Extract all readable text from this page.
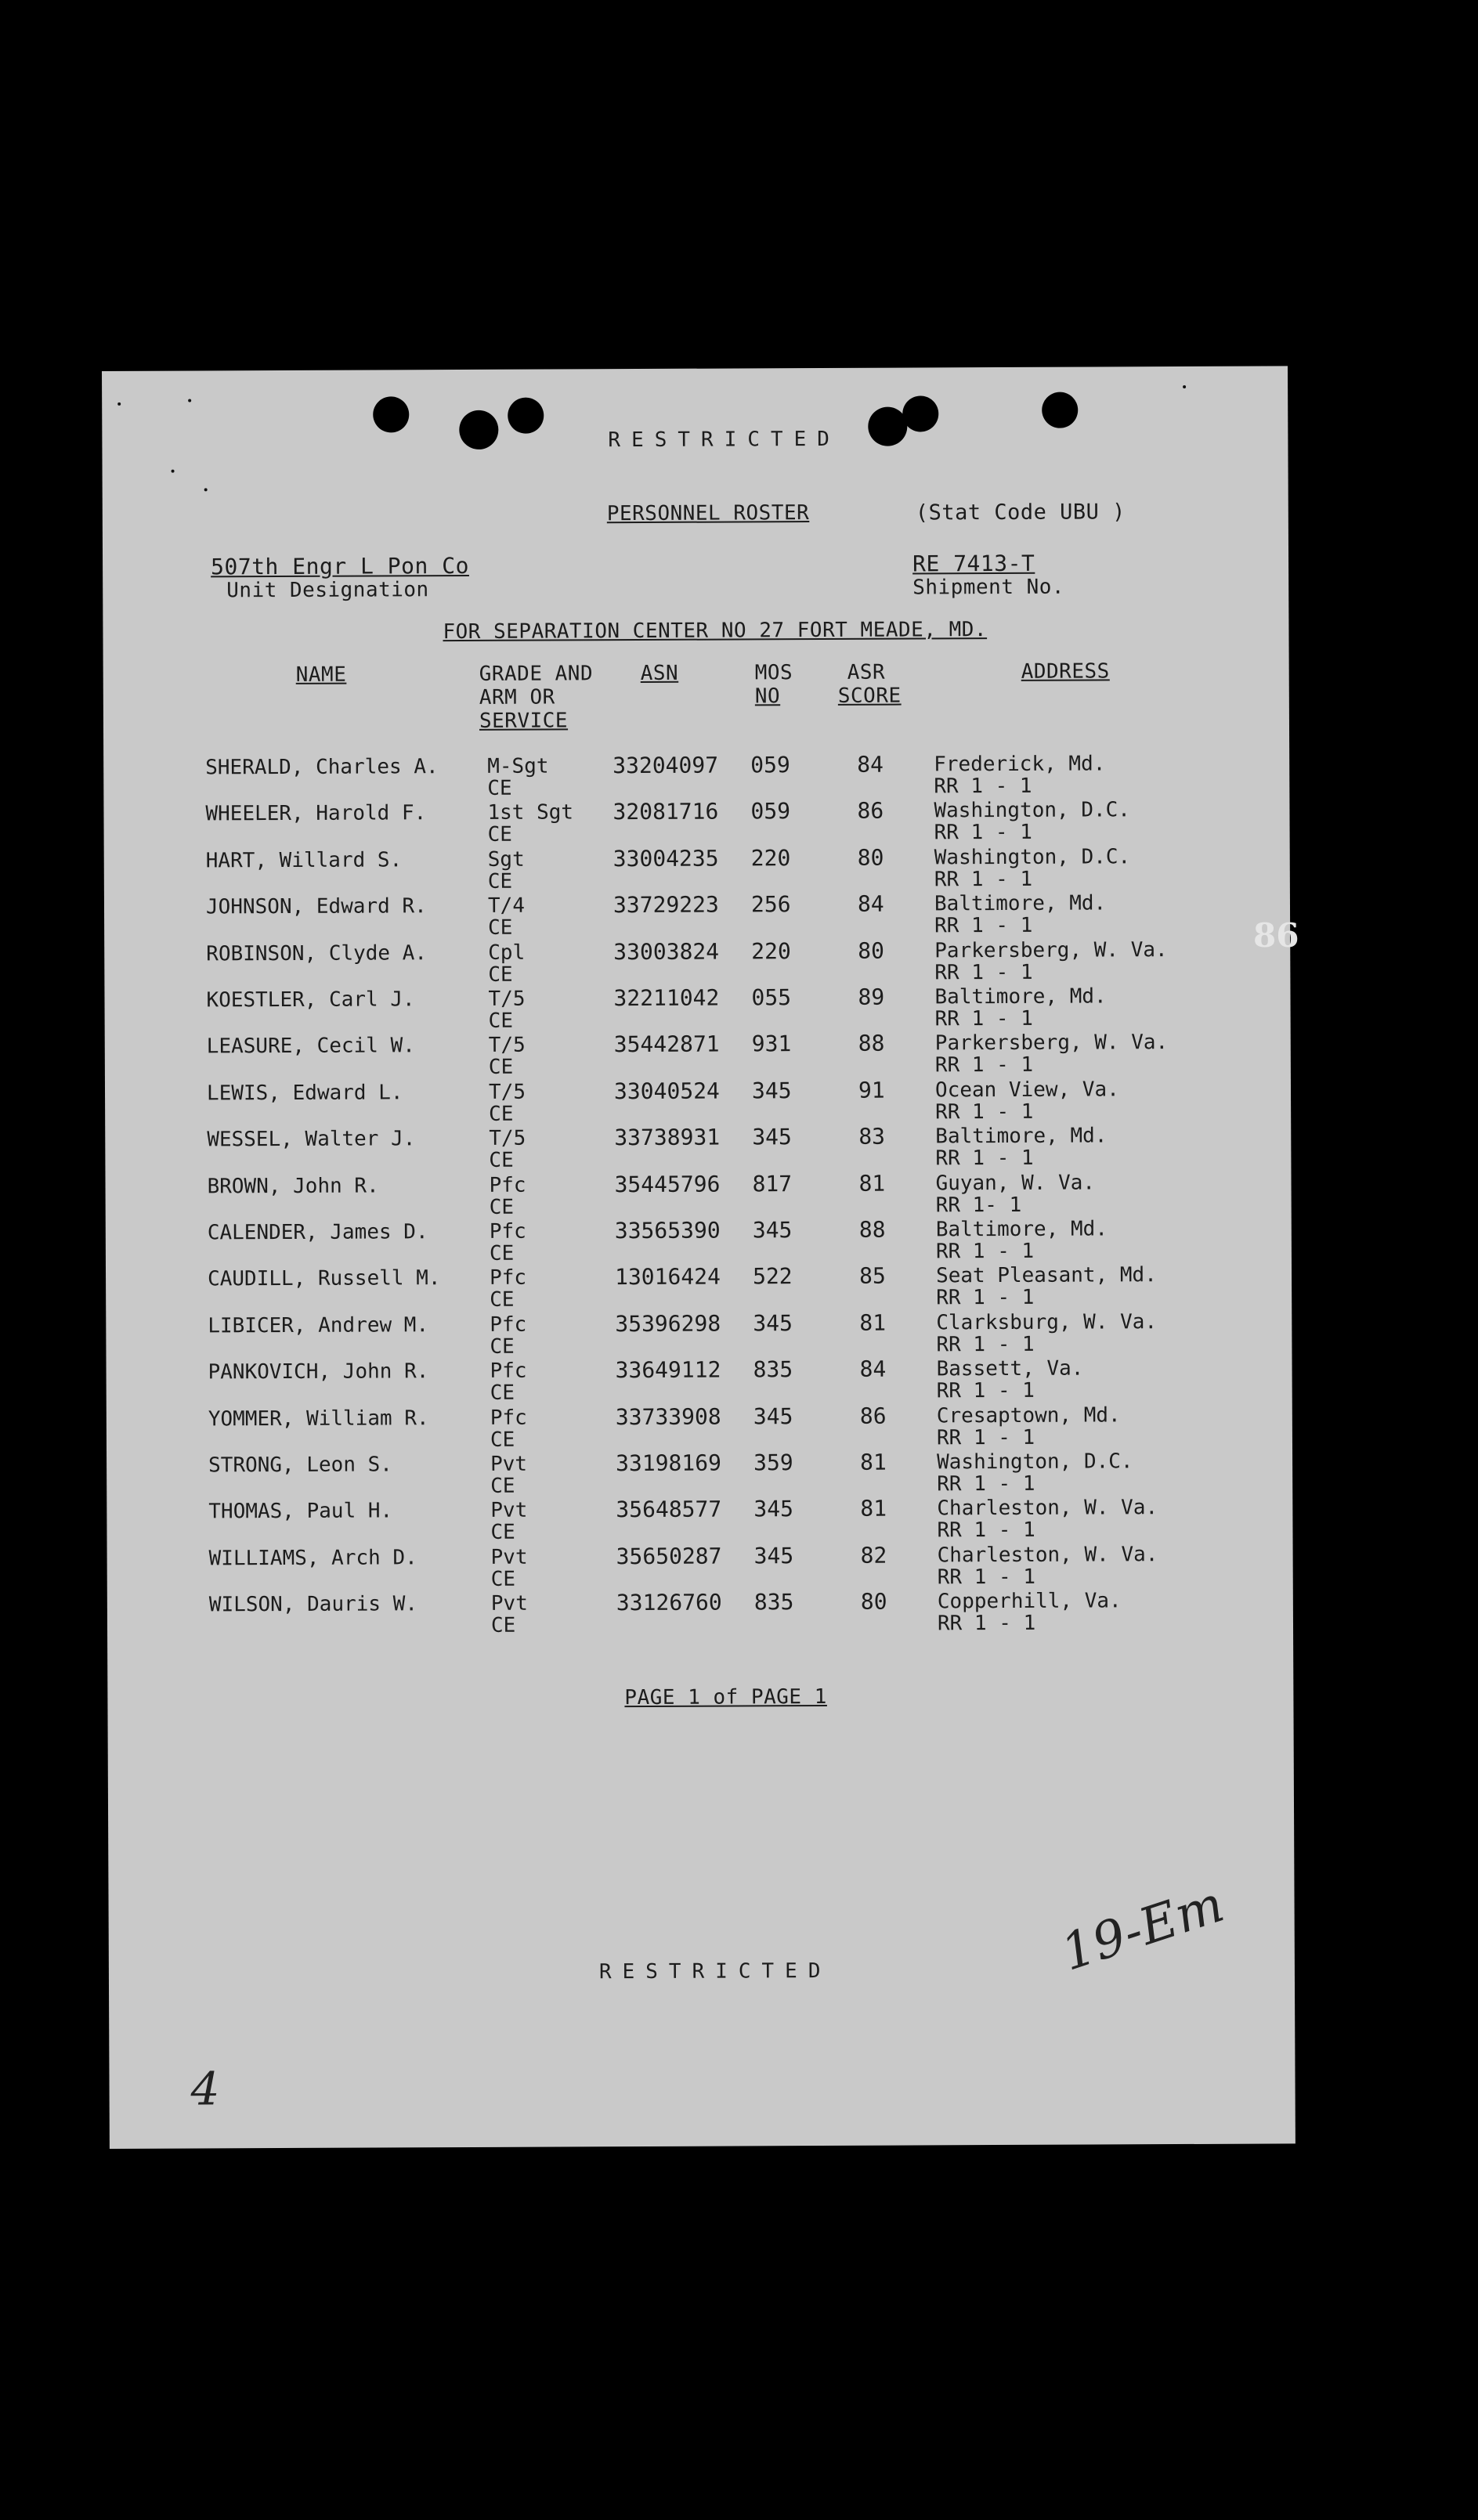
RESTRICTED
PERSONNEL ROSTER	(Stat Code UBU )
507th Engr L Pon Co
Unit Designation
RE 7413-T
Shipment No.
FOR SEPARATION CENTER NO 27 FORT MEADE, MD.
NAME	GRADE AND
ARM OR
SERVICE
ASN	MOS
NO
ASR
SCORE
ADDRESS
SHERALD, Charles A. M-Sgt
CE
33204097 059	84 Frederick, Md.
RR 1 - 1
WHEELER, Harold F.	1st Sgt
CE
32081716 059	86 Washington, D.C.
RR 1 - 1
HART, Willard S.	Sgt
CE
33004235 220	80 Washington, D.C.
RR 1 - 1
JOHNSON, Edward R.	T/4
CE
33729223 256	84 Baltimore, Md.
RR 1 - 1
ROBINSON, Clyde A.	Cpl
CE
33003824 220	80 Parkersberg, W. Va.
RR 1 - 1
KOESTLER, Carl J.	T/5
CE
32211042 055	89 Baltimore, Md.
RR 1 - 1
LEASURE, Cecil W.	T/5
CE
35442871 931	88 Parkersberg, W. Va.
RR 1 - 1
LEWIS, Edward L.	T/5
CE
33040524 345	91 Ocean View, Va.
RR 1 - 1
WESSEL, Walter J.	T/5
CE
33738931 345	83 Baltimore, Md.
RR 1 - 1
BROWN, John R.	Pfc
CE
35445796 817	81 Guyan, W. Va.
RR 1- 1
CALENDER, James D.	Pfc
CE
33565390 345	88 Baltimore, Md.
RR 1 - 1
CAUDILL, Russell M. Pfc
CE
13016424 522	85 Seat Pleasant, Md.
RR 1 - 1
LIBICER, Andrew M.	Pfc
CE
35396298 345	81 Clarksburg, W. Va.
RR 1 - 1
PANKOVICH, John R.	Pfc
CE
33649112 835	84 Bassett, Va.
RR 1 - 1
YOMMER, William R.	Pfc
CE
33733908 345	86 Cresaptown, Md.
RR 1 - 1
STRONG, Leon S.	Pvt
CE
33198169 359	81 Washington, D.C.
RR 1 - 1
THOMAS, Paul H.	Pvt
CE
35648577 345	81 Charleston, W. Va.
RR 1 - 1
WILLIAMS, Arch D.	Pvt
CE
35650287 345	82 Charleston, W. Va.
RR 1 - 1
WILSON, Dauris W.	Pvt
CE
33126760 835	80 Copperhill, Va.
RR 1 - 1
PAGE 1 of PAGE 1
RESTRICTED	19-Em
4
86
